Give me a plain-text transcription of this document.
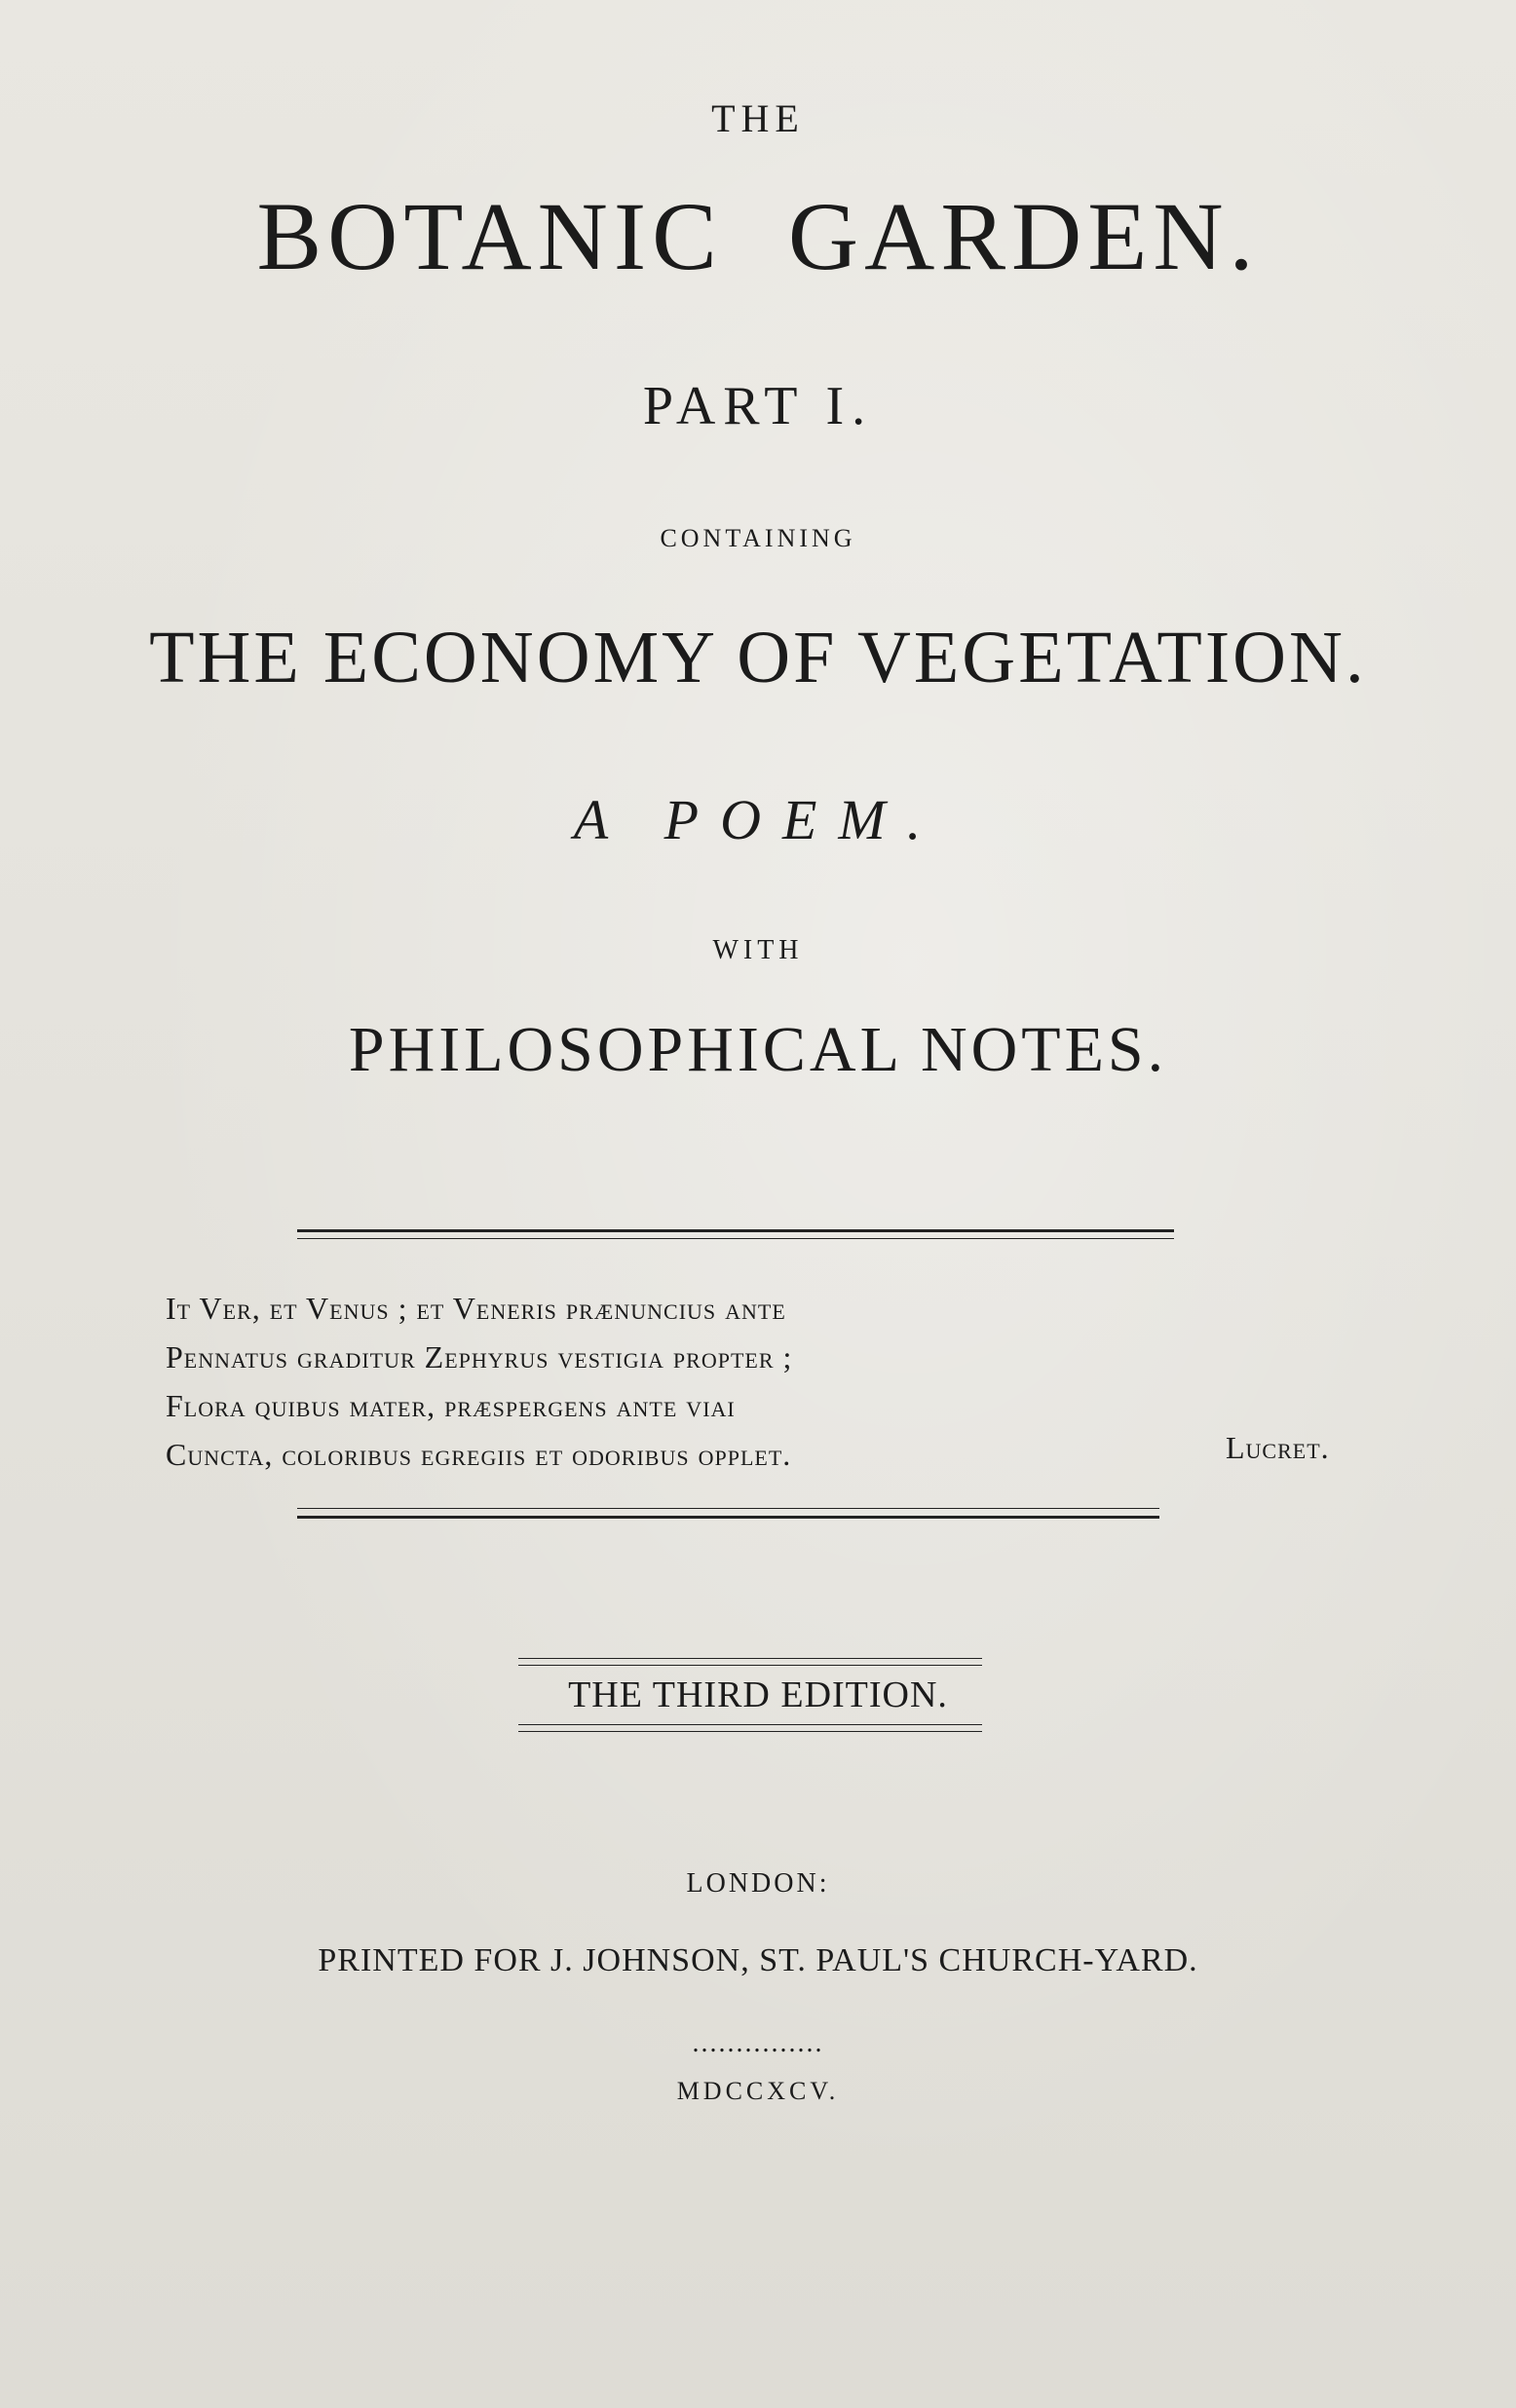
THE
BOTANIC GARDEN.
PART I.
CONTAINING
THE ECONOMY OF VEGETATION.
A POEM.
WITH
PHILOSOPHICAL NOTES.
It Ver, et Venus ; et Veneris prænuncius ante
Pennatus graditur Zephyrus vestigia propter ;
Flora quibus mater, præspergens ante viai
Cuncta, coloribus egregiis et odoribus opplet.	Lucret.
THE THIRD EDITION.
LONDON:
PRINTED FOR J. JOHNSON, ST. PAUL'S CHURCH-YARD.
...............
MDCCXCV.
